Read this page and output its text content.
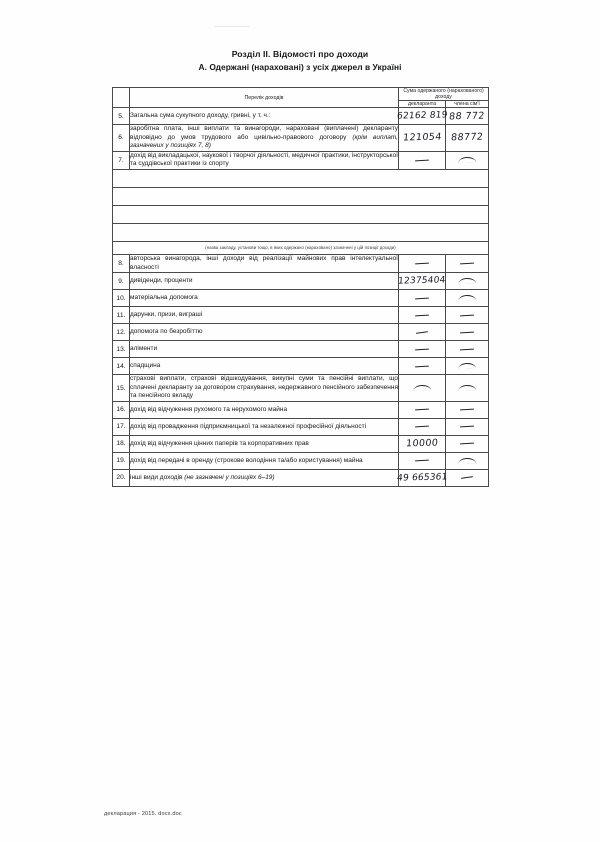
Розділ II. Відомості про доходи
А. Одержані (нараховані) з усіх джерел в Україні
	Перелік доходів	Сума одержаного (нарахованого) доходу	
		декларанта	члена сім'ї
5.	Загальна сума сукупного доходу, гривні, у т. ч.:	62162 819	88 772

6.	заробітна плата, інші виплати та винагороди, нараховані (виплачені) декларанту відповідно до умов трудового або цивільно-правового договору (крім виплат, зазначених у позиціях 7, 8)	121054	88772

7.	дохід від викладацької, наукової і творчої діяльності, медичної практики, інструкторської та суддівської практики із спорту	

(назва закладу, установи тощо, в яких одержано (нараховано) зазначені у цій позиції доходи)			
8.	авторська винагорода, інші доходи від реалізації майнових прав інтелектуальної власності	

9.	дивіденди, проценти	12375404	

10.	матеріальна допомога	

11.	дарунки, призи, виграші	

12.	допомога по безробіттю	

13.	аліменти	

14.	спадщина	

15.	страхові виплати, страхові відшкодування, викупні суми та пенсійні виплати, що сплачені декларанту за договором страхування, недержавного пенсійного забезпечення та пенсійного вкладу	

16.	дохід від відчуження рухомого та нерухомого майна	

17.	дохід від провадження підприємницької та незалежної професійної діяльності	

18.	дохід від відчуження цінних паперів та корпоративних прав	10000	

19.	дохід від передачі в оренду (строкове володіння та/або користування) майна	

20.	інші види доходів (не зазначені у позиціях 6–19)	49 665361	

декларация - 2015. docx.doc
